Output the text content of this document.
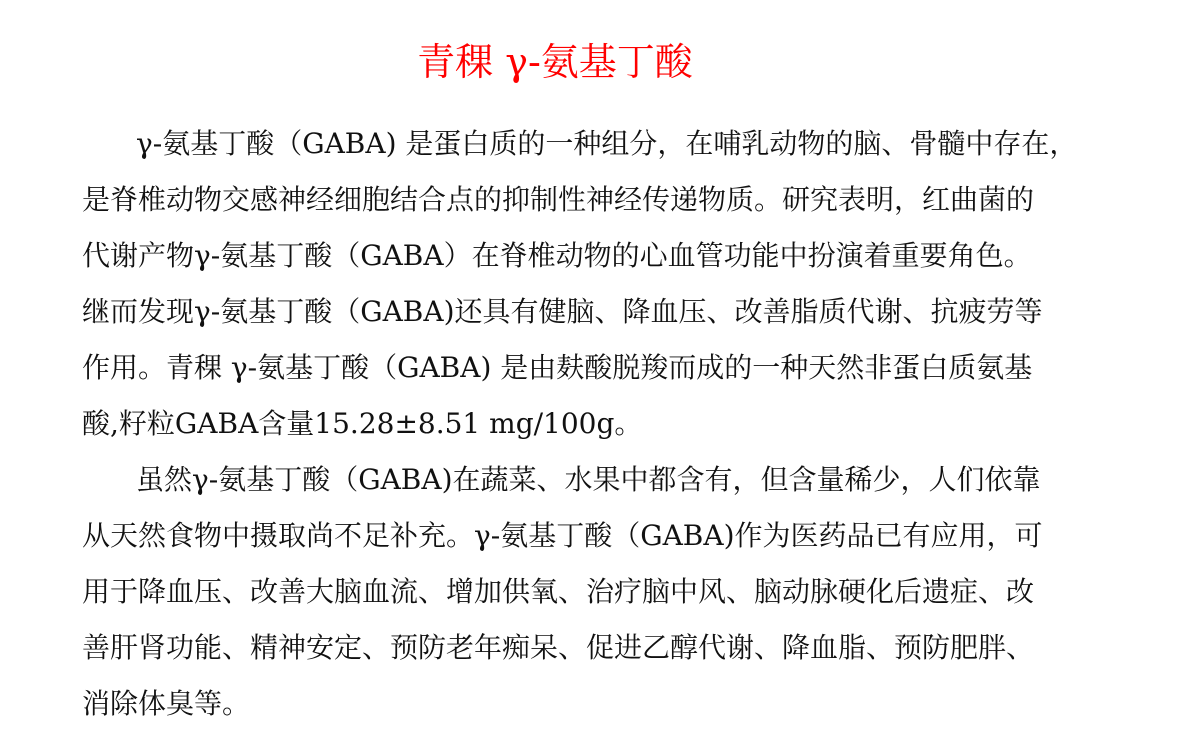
青稞 γ-氨基丁酸
γ-氨基丁酸（GABA) 是蛋白质的一种组分，在哺乳动物的脑、骨髓中存在，
是脊椎动物交感神经细胞结合点的抑制性神经传递物质。研究表明，红曲菌的
代谢产物γ-氨基丁酸（GABA）在脊椎动物的心血管功能中扮演着重要角色。
继而发现γ-氨基丁酸（GABA)还具有健脑、降血压、改善脂质代谢、抗疲劳等
作用。青稞 γ-氨基丁酸（GABA) 是由麸酸脱羧而成的一种天然非蛋白质氨基
酸,籽粒GABA含量15.28±8.51 mg/100g。
虽然γ-氨基丁酸（GABA)在蔬菜、水果中都含有，但含量稀少，人们依靠
从天然食物中摄取尚不足补充。γ-氨基丁酸（GABA)作为医药品已有应用，可
用于降血压、改善大脑血流、增加供氧、治疗脑中风、脑动脉硬化后遗症、改
善肝肾功能、精神安定、预防老年痴呆、促进乙醇代谢、降血脂、预防肥胖、
消除体臭等。
